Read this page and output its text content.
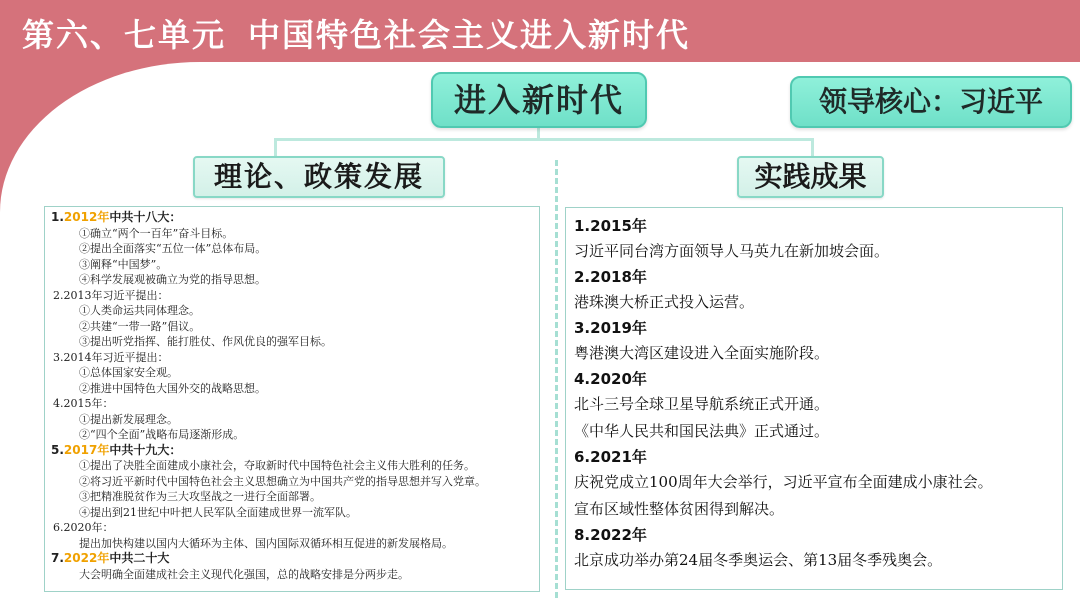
第六、七单元 中国特色社会主义进入新时代
进入新时代	领导核心：习近平
理论、政策发展	实践成果
1.2012年中共十八大：
①确立“两个一百年”奋斗目标。
②提出全面落实“五位一体”总体布局。
③阐释“中国梦”。
④科学发展观被确立为党的指导思想。
2.2013年习近平提出：
①人类命运共同体理念。
②共建“一带一路”倡议。
③提出听党指挥、能打胜仗、作风优良的强军目标。
3.2014年习近平提出：
①总体国家安全观。
②推进中国特色大国外交的战略思想。
4.2015年：
①提出新发展理念。
②“四个全面”战略布局逐渐形成。
5.2017年中共十九大：
①提出了决胜全面建成小康社会，夺取新时代中国特色社会主义伟大胜利的任务。
②将习近平新时代中国特色社会主义思想确立为中国共产党的指导思想并写入党章。
③把精准脱贫作为三大攻坚战之一进行全面部署。
④提出到21世纪中叶把人民军队全面建成世界一流军队。
6.2020年：
提出加快构建以国内大循环为主体、国内国际双循环相互促进的新发展格局。
7.2022年中共二十大
大会明确全面建成社会主义现代化强国，总的战略安排是分两步走。
1.2015年
习近平同台湾方面领导人马英九在新加坡会面。
2.2018年
港珠澳大桥正式投入运营。
3.2019年
粤港澳大湾区建设进入全面实施阶段。
4.2020年
北斗三号全球卫星导航系统正式开通。
《中华人民共和国民法典》正式通过。
6.2021年
庆祝党成立100周年大会举行，习近平宣布全面建成小康社会。
宣布区域性整体贫困得到解决。
8.2022年
北京成功举办第24届冬季奥运会、第13届冬季残奥会。
